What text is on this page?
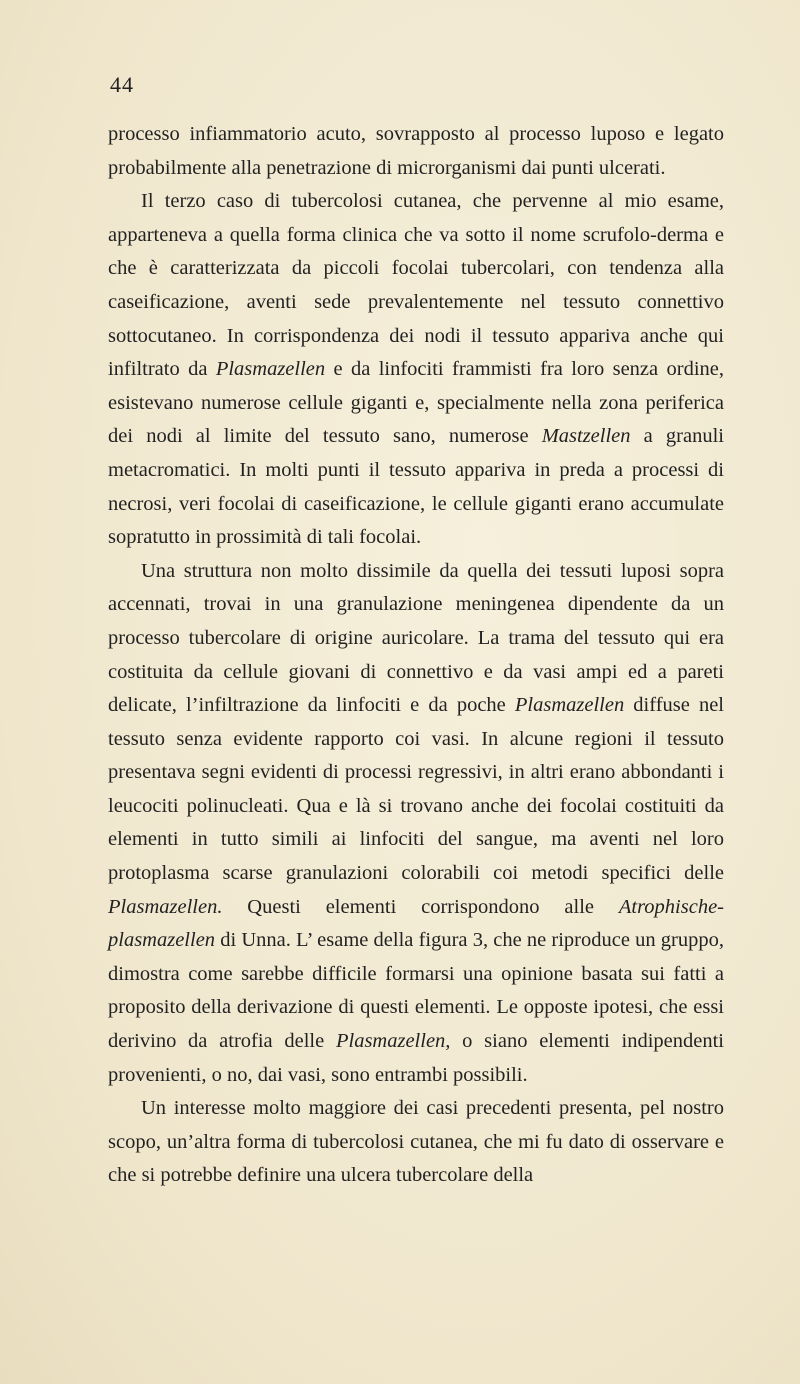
44

processo infiammatorio acuto, sovrapposto al processo luposo e legato probabilmente alla penetrazione di microrganismi dai punti ulcerati.

Il terzo caso di tubercolosi cutanea, che pervenne al mio esame, apparteneva a quella forma clinica che va sotto il nome scrufolo-derma e che è caratterizzata da piccoli focolai tubercolari, con tendenza alla caseificazione, aventi sede prevalentemente nel tessuto connettivo sottocutaneo. In corrispondenza dei nodi il tessuto appariva anche qui infiltrato da Plasmazellen e da linfociti frammisti fra loro senza ordine, esistevano numerose cellule giganti e, specialmente nella zona periferica dei nodi al limite del tessuto sano, numerose Mastzellen a granuli metacromatici. In molti punti il tessuto appariva in preda a processi di necrosi, veri focolai di caseificazione, le cellule giganti erano accumulate sopratutto in prossimità di tali focolai.

Una struttura non molto dissimile da quella dei tessuti luposi sopra accennati, trovai in una granulazione meningenea dipendente da un processo tubercolare di origine auricolare. La trama del tessuto qui era costituita da cellule giovani di connettivo e da vasi ampi ed a pareti delicate, l’infiltrazione da linfociti e da poche Plasmazellen diffuse nel tessuto senza evidente rapporto coi vasi. In alcune regioni il tessuto presentava segni evidenti di processi regressivi, in altri erano abbondanti i leucociti polinucleati. Qua e là si trovano anche dei focolai costituiti da elementi in tutto simili ai linfociti del sangue, ma aventi nel loro protoplasma scarse granulazioni colorabili coi metodi specifici delle Plasmazellen. Questi elementi corrispondono alle Atrophische-plasmazellen di Unna. L’ esame della figura 3, che ne riproduce un gruppo, dimostra come sarebbe difficile formarsi una opinione basata sui fatti a proposito della derivazione di questi elementi. Le opposte ipotesi, che essi derivino da atrofia delle Plasmazellen, o siano elementi indipendenti provenienti, o no, dai vasi, sono entrambi possibili.

Un interesse molto maggiore dei casi precedenti presenta, pel nostro scopo, un’altra forma di tubercolosi cutanea, che mi fu dato di osservare e che si potrebbe definire una ulcera tubercolare della
